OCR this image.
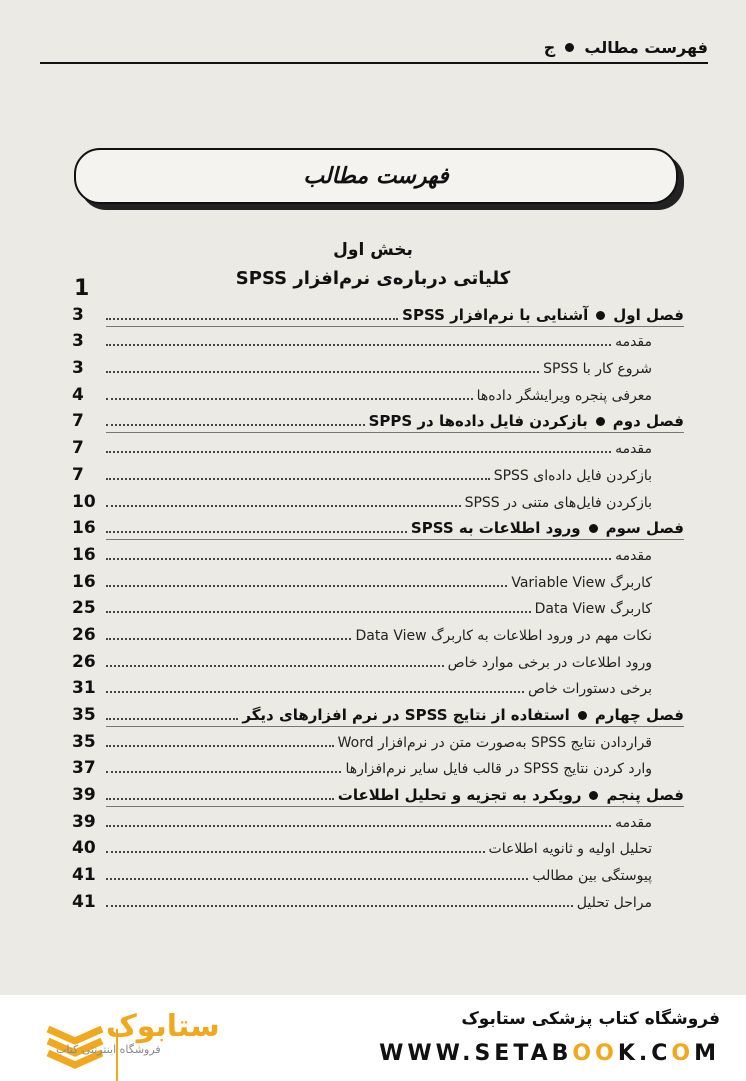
فهرست مطالب
ج
فهرست مطالب
بخش اول
کلیاتی درباره‌ی نرم‌افزار SPSS
1
فصل اولآشنایی با نرم‌افزار SPSS
3
مقدمه
3
شروع کار با SPSS
3
معرفی پنجره ویرایشگر داده‌ها
4
فصل دومبازکردن فایل داده‌ها در SPPS
7
مقدمه
7
بازکردن فایل داده‌ای SPSS
7
بازکردن فایل‌های متنی در SPSS
10
فصل سومورود اطلاعات به SPSS
16
مقدمه
16
کاربرگ Variable View
16
کاربرگ Data View
25
نکات مهم در ورود اطلاعات به کاربرگ Data View
26
ورود اطلاعات در برخی موارد خاص
26
برخی دستورات خاص
31
فصل چهارماستفاده از نتایج SPSS در نرم افزارهای دیگر
35
قراردادن نتایج SPSS به‌صورت متن در نرم‌افزار Word
35
وارد کردن نتایج SPSS در قالب فایل سایر نرم‌افزارها
37
فصل پنجمرویکرد به تجزیه و تحلیل اطلاعات
39
مقدمه
39
تحلیل اولیه و ثانویه اطلاعات
40
پیوستگی بین مطالب
41
مراحل تحلیل
41
ستابوک
فروشگاه اینترنتی کتاب
فروشگاه کتاب پزشکی ستابوک
WWW.SETABOOK.COM
